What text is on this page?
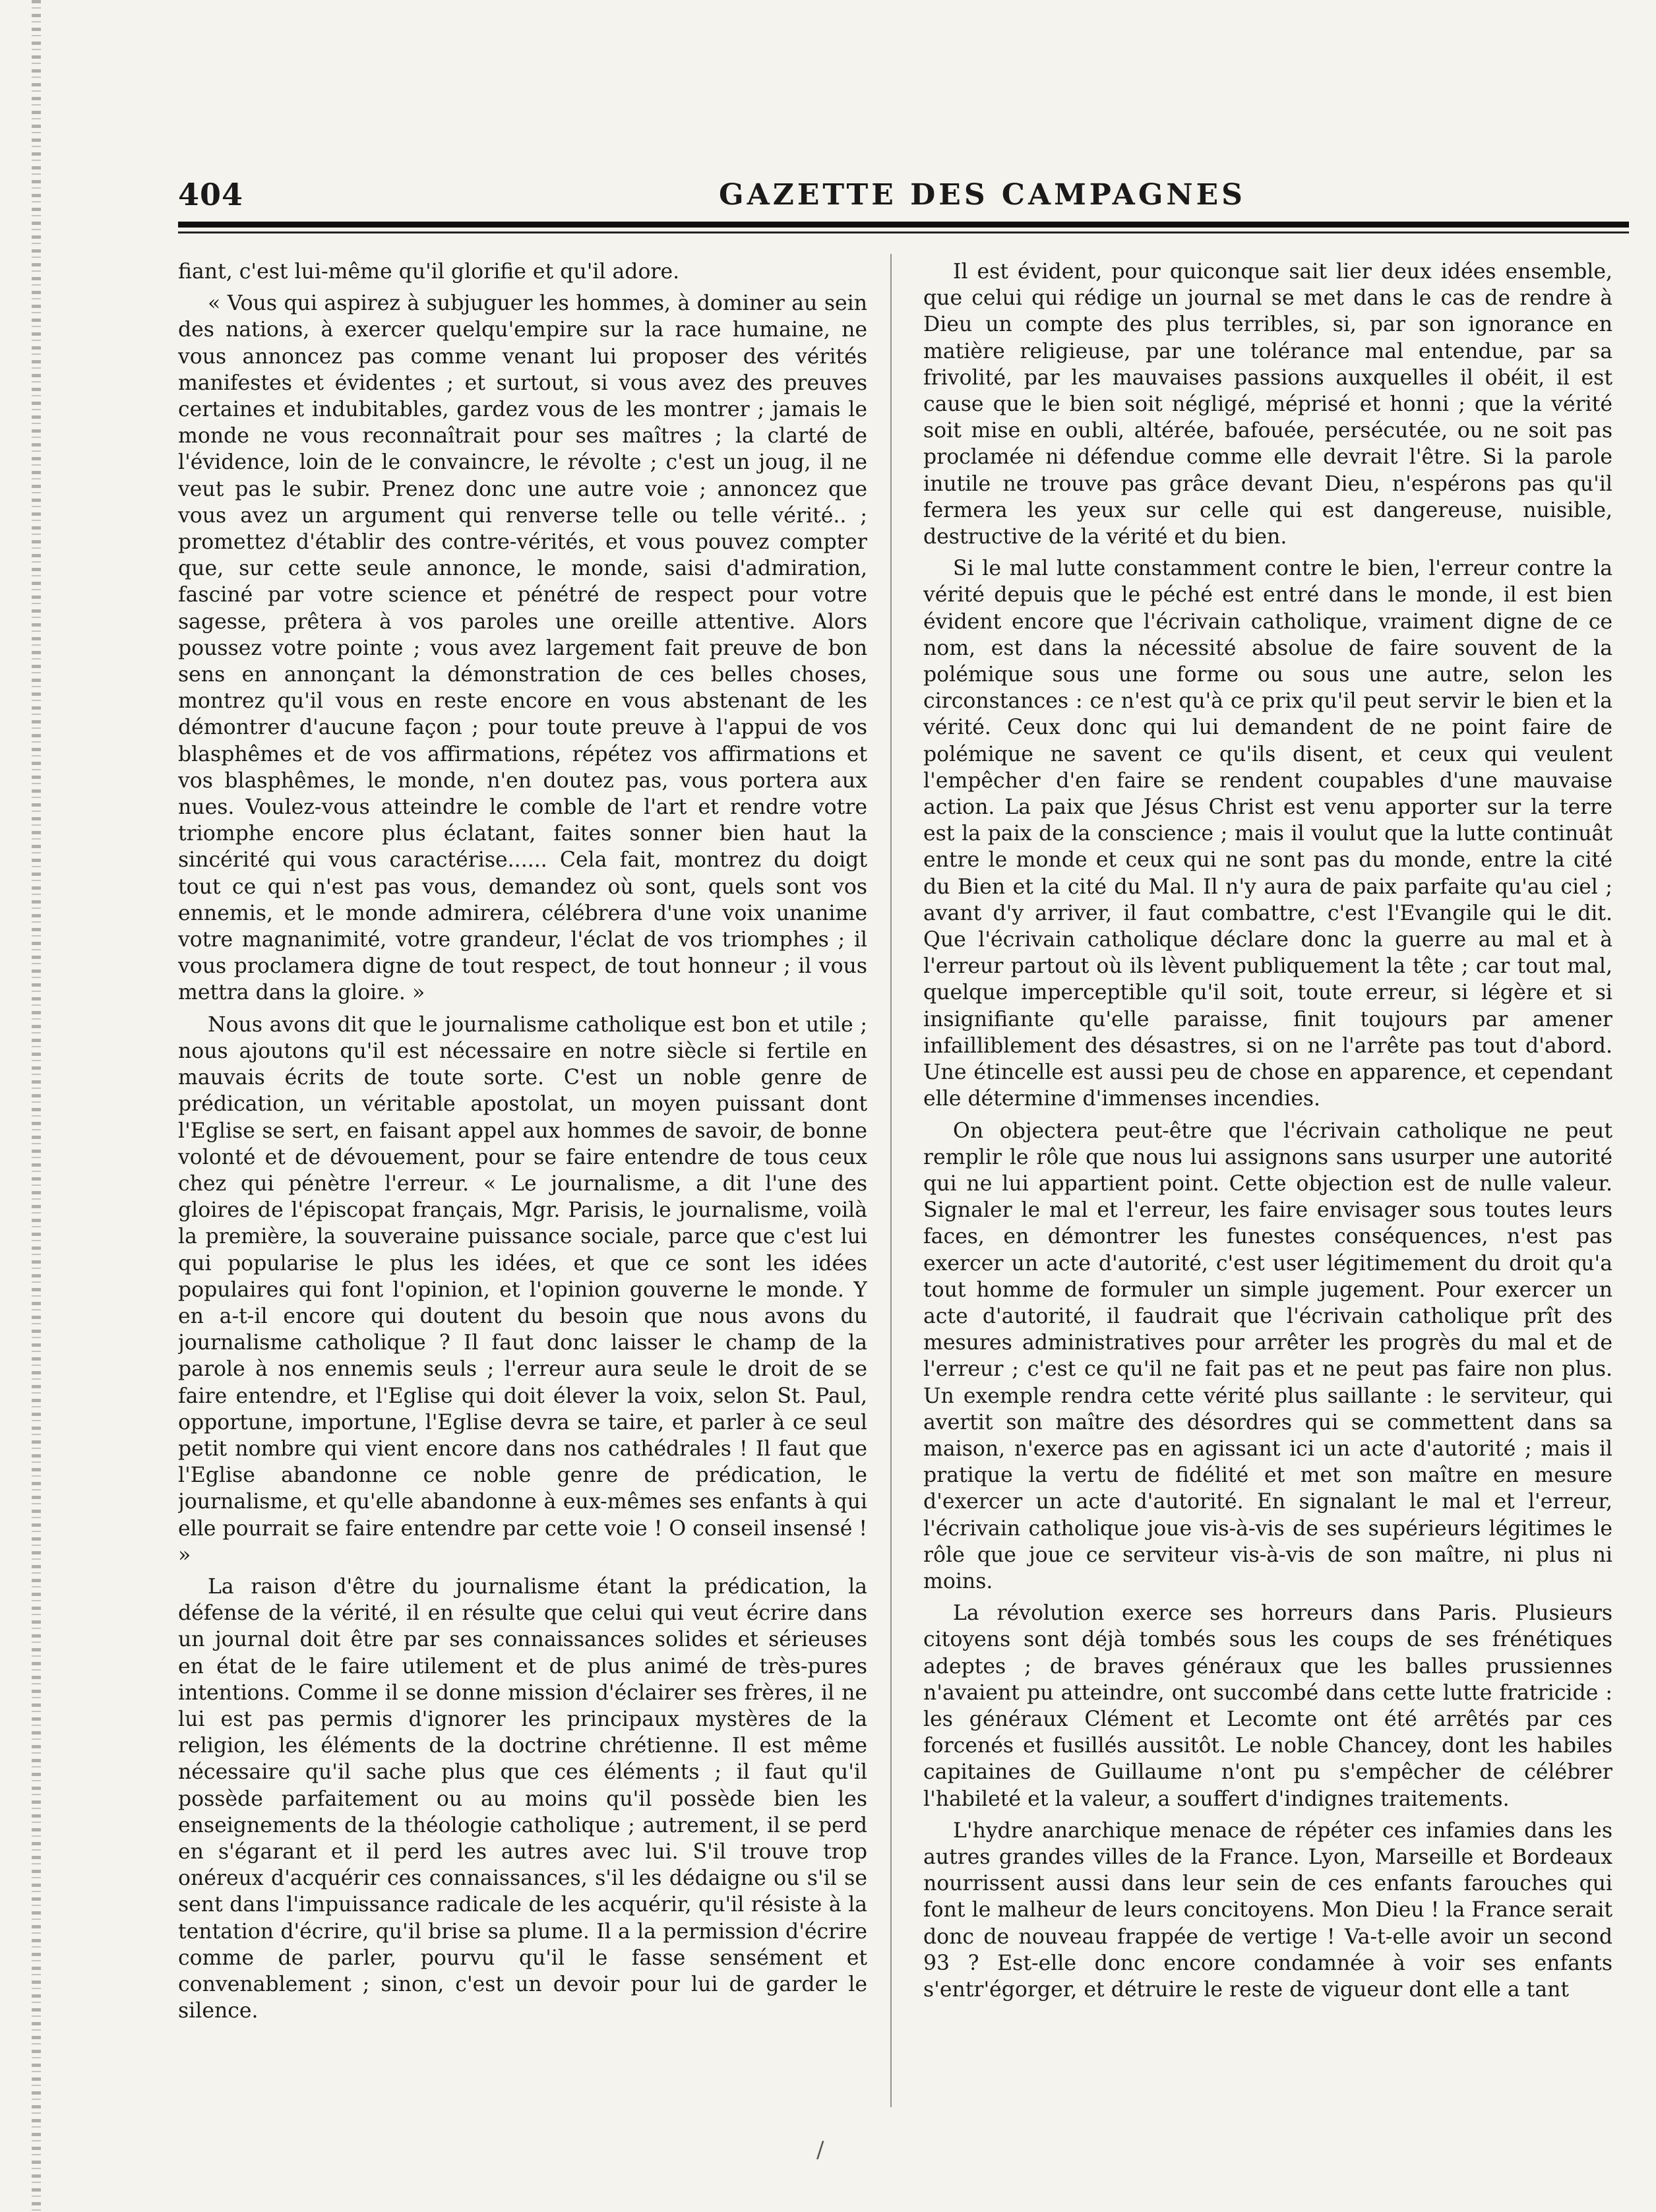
404	GAZETTE DES CAMPAGNES

fiant, c'est lui-même qu'il glorifie et qu'il adore.

« Vous qui aspirez à subjuguer les hommes, à dominer au sein des nations, à exercer quelqu'empire sur la race humaine, ne vous annoncez pas comme venant lui proposer des vérités manifestes et évidentes ; et surtout, si vous avez des preuves certaines et indubitables, gardez vous de les montrer ; jamais le monde ne vous reconnaîtrait pour ses maîtres ; la clarté de l'évidence, loin de le convaincre, le révolte ; c'est un joug, il ne veut pas le subir. Prenez donc une autre voie ; annoncez que vous avez un argument qui renverse telle ou telle vérité.. ; promettez d'établir des contre-vérités, et vous pouvez compter que, sur cette seule annonce, le monde, saisi d'admiration, fasciné par votre science et pénétré de respect pour votre sagesse, prêtera à vos paroles une oreille attentive. Alors poussez votre pointe ; vous avez largement fait preuve de bon sens en annonçant la démonstration de ces belles choses, montrez qu'il vous en reste encore en vous abstenant de les démontrer d'aucune façon ; pour toute preuve à l'appui de vos blasphêmes et de vos affirmations, répétez vos affirmations et vos blasphêmes, le monde, n'en doutez pas, vous portera aux nues. Voulez-vous atteindre le comble de l'art et rendre votre triomphe encore plus éclatant, faites sonner bien haut la sincérité qui vous caractérise...... Cela fait, montrez du doigt tout ce qui n'est pas vous, demandez où sont, quels sont vos ennemis, et le monde admirera, célébrera d'une voix unanime votre magnanimité, votre grandeur, l'éclat de vos triomphes ; il vous proclamera digne de tout respect, de tout honneur ; il vous mettra dans la gloire. »

Nous avons dit que le journalisme catholique est bon et utile ; nous ajoutons qu'il est nécessaire en notre siècle si fertile en mauvais écrits de toute sorte. C'est un noble genre de prédication, un véritable apostolat, un moyen puissant dont l'Eglise se sert, en faisant appel aux hommes de savoir, de bonne volonté et de dévouement, pour se faire entendre de tous ceux chez qui pénètre l'erreur. « Le journalisme, a dit l'une des gloires de l'épiscopat français, Mgr. Parisis, le journalisme, voilà la première, la souveraine puissance sociale, parce que c'est lui qui popularise le plus les idées, et que ce sont les idées populaires qui font l'opinion, et l'opinion gouverne le monde. Y en a-t-il encore qui doutent du besoin que nous avons du journalisme catholique ? Il faut donc laisser le champ de la parole à nos ennemis seuls ; l'erreur aura seule le droit de se faire entendre, et l'Eglise qui doit élever la voix, selon St. Paul, opportune, importune, l'Eglise devra se taire, et parler à ce seul petit nombre qui vient encore dans nos cathédrales ! Il faut que l'Eglise abandonne ce noble genre de prédication, le journalisme, et qu'elle abandonne à eux-mêmes ses enfants à qui elle pourrait se faire entendre par cette voie ! O conseil insensé ! »

La raison d'être du journalisme étant la prédication, la défense de la vérité, il en résulte que celui qui veut écrire dans un journal doit être par ses connaissances solides et sérieuses en état de le faire utilement et de plus animé de très-pures intentions. Comme il se donne mission d'éclairer ses frères, il ne lui est pas permis d'ignorer les principaux mystères de la religion, les éléments de la doctrine chrétienne. Il est même nécessaire qu'il sache plus que ces éléments ; il faut qu'il possède parfaitement ou au moins qu'il possède bien les enseignements de la théologie catholique ; autrement, il se perd en s'égarant et il perd les autres avec lui. S'il trouve trop onéreux d'acquérir ces connaissances, s'il les dédaigne ou s'il se sent dans l'impuissance radicale de les acquérir, qu'il résiste à la tentation d'écrire, qu'il brise sa plume. Il a la permission d'écrire comme de parler, pourvu qu'il le fasse sensément et convenablement ; sinon, c'est un devoir pour lui de garder le silence.

Il est évident, pour quiconque sait lier deux idées ensemble, que celui qui rédige un journal se met dans le cas de rendre à Dieu un compte des plus terribles, si, par son ignorance en matière religieuse, par une tolérance mal entendue, par sa frivolité, par les mauvaises passions auxquelles il obéit, il est cause que le bien soit négligé, méprisé et honni ; que la vérité soit mise en oubli, altérée, bafouée, persécutée, ou ne soit pas proclamée ni défendue comme elle devrait l'être. Si la parole inutile ne trouve pas grâce devant Dieu, n'espérons pas qu'il fermera les yeux sur celle qui est dangereuse, nuisible, destructive de la vérité et du bien.

Si le mal lutte constamment contre le bien, l'erreur contre la vérité depuis que le péché est entré dans le monde, il est bien évident encore que l'écrivain catholique, vraiment digne de ce nom, est dans la nécessité absolue de faire souvent de la polémique sous une forme ou sous une autre, selon les circonstances : ce n'est qu'à ce prix qu'il peut servir le bien et la vérité. Ceux donc qui lui demandent de ne point faire de polémique ne savent ce qu'ils disent, et ceux qui veulent l'empêcher d'en faire se rendent coupables d'une mauvaise action. La paix que Jésus Christ est venu apporter sur la terre est la paix de la conscience ; mais il voulut que la lutte continuât entre le monde et ceux qui ne sont pas du monde, entre la cité du Bien et la cité du Mal. Il n'y aura de paix parfaite qu'au ciel ; avant d'y arriver, il faut combattre, c'est l'Evangile qui le dit. Que l'écrivain catholique déclare donc la guerre au mal et à l'erreur partout où ils lèvent publiquement la tête ; car tout mal, quelque imperceptible qu'il soit, toute erreur, si légère et si insignifiante qu'elle paraisse, finit toujours par amener infailliblement des désastres, si on ne l'arrête pas tout d'abord. Une étincelle est aussi peu de chose en apparence, et cependant elle détermine d'immenses incendies.

On objectera peut-être que l'écrivain catholique ne peut remplir le rôle que nous lui assignons sans usurper une autorité qui ne lui appartient point. Cette objection est de nulle valeur. Signaler le mal et l'erreur, les faire envisager sous toutes leurs faces, en démontrer les funestes conséquences, n'est pas exercer un acte d'autorité, c'est user légitimement du droit qu'a tout homme de formuler un simple jugement. Pour exercer un acte d'autorité, il faudrait que l'écrivain catholique prît des mesures administratives pour arrêter les progrès du mal et de l'erreur ; c'est ce qu'il ne fait pas et ne peut pas faire non plus. Un exemple rendra cette vérité plus saillante : le serviteur, qui avertit son maître des désordres qui se commettent dans sa maison, n'exerce pas en agissant ici un acte d'autorité ; mais il pratique la vertu de fidélité et met son maître en mesure d'exercer un acte d'autorité. En signalant le mal et l'erreur, l'écrivain catholique joue vis-à-vis de ses supérieurs légitimes le rôle que joue ce serviteur vis-à-vis de son maître, ni plus ni moins.

La révolution exerce ses horreurs dans Paris. Plusieurs citoyens sont déjà tombés sous les coups de ses frénétiques adeptes ; de braves généraux que les balles prussiennes n'avaient pu atteindre, ont succombé dans cette lutte fratricide : les généraux Clément et Lecomte ont été arrêtés par ces forcenés et fusillés aussitôt. Le noble Chancey, dont les habiles capitaines de Guillaume n'ont pu s'empêcher de célébrer l'habileté et la valeur, a souffert d'indignes traitements.

L'hydre anarchique menace de répéter ces infamies dans les autres grandes villes de la France. Lyon, Marseille et Bordeaux nourrissent aussi dans leur sein de ces enfants farouches qui font le malheur de leurs concitoyens. Mon Dieu ! la France serait donc de nouveau frappée de vertige ! Va-t-elle avoir un second 93 ? Est-elle donc encore condamnée à voir ses enfants s'entr'égorger, et détruire le reste de vigueur dont elle a tant

/
